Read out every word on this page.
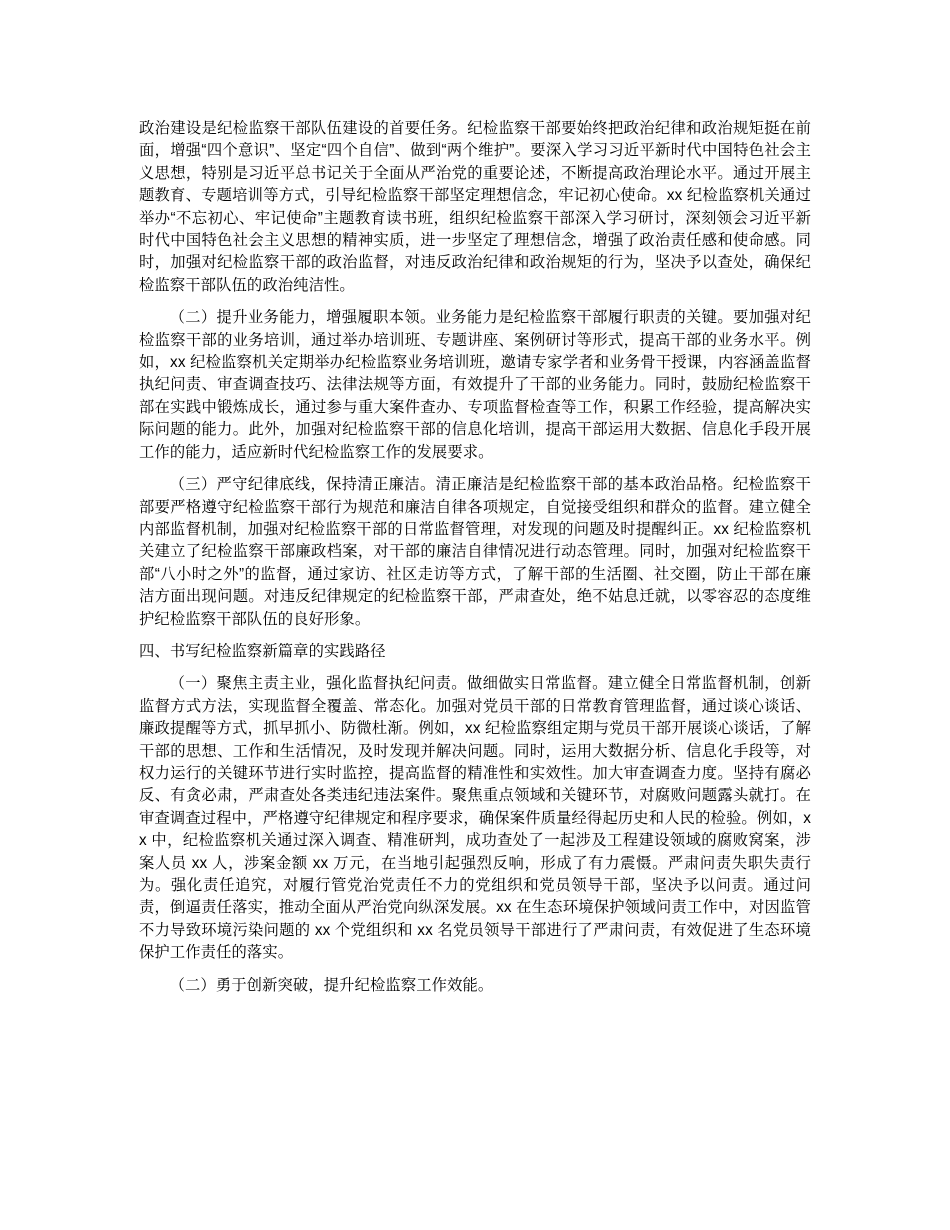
政治建设是纪检监察干部队伍建设的首要任务。纪检监察干部要始终把政治纪律和政治规矩挺在前面，增强“四个意识”、坚定“四个自信”、做到“两个维护”。要深入学习习近平新时代中国特色社会主义思想，特别是习近平总书记关于全面从严治党的重要论述，不断提高政治理论水平。通过开展主题教育、专题培训等方式，引导纪检监察干部坚定理想信念，牢记初心使命。xx 纪检监察机关通过举办“不忘初心、牢记使命”主题教育读书班，组织纪检监察干部深入学习研讨，深刻领会习近平新时代中国特色社会主义思想的精神实质，进一步坚定了理想信念，增强了政治责任感和使命感。同时，加强对纪检监察干部的政治监督，对违反政治纪律和政治规矩的行为，坚决予以查处，确保纪检监察干部队伍的政治纯洁性。

（二）提升业务能力，增强履职本领。业务能力是纪检监察干部履行职责的关键。要加强对纪检监察干部的业务培训，通过举办培训班、专题讲座、案例研讨等形式，提高干部的业务水平。例如，xx 纪检监察机关定期举办纪检监察业务培训班，邀请专家学者和业务骨干授课，内容涵盖监督执纪问责、审查调查技巧、法律法规等方面，有效提升了干部的业务能力。同时，鼓励纪检监察干部在实践中锻炼成长，通过参与重大案件查办、专项监督检查等工作，积累工作经验，提高解决实际问题的能力。此外，加强对纪检监察干部的信息化培训，提高干部运用大数据、信息化手段开展工作的能力，适应新时代纪检监察工作的发展要求。

（三）严守纪律底线，保持清正廉洁。清正廉洁是纪检监察干部的基本政治品格。纪检监察干部要严格遵守纪检监察干部行为规范和廉洁自律各项规定，自觉接受组织和群众的监督。建立健全内部监督机制，加强对纪检监察干部的日常监督管理，对发现的问题及时提醒纠正。xx 纪检监察机关建立了纪检监察干部廉政档案，对干部的廉洁自律情况进行动态管理。同时，加强对纪检监察干部“八小时之外”的监督，通过家访、社区走访等方式，了解干部的生活圈、社交圈，防止干部在廉洁方面出现问题。对违反纪律规定的纪检监察干部，严肃查处，绝不姑息迁就，以零容忍的态度维护纪检监察干部队伍的良好形象。

四、书写纪检监察新篇章的实践路径

（一）聚焦主责主业，强化监督执纪问责。做细做实日常监督。建立健全日常监督机制，创新监督方式方法，实现监督全覆盖、常态化。加强对党员干部的日常教育管理监督，通过谈心谈话、廉政提醒等方式，抓早抓小、防微杜渐。例如，xx 纪检监察组定期与党员干部开展谈心谈话，了解干部的思想、工作和生活情况，及时发现并解决问题。同时，运用大数据分析、信息化手段等，对权力运行的关键环节进行实时监控，提高监督的精准性和实效性。加大审查调查力度。坚持有腐必反、有贪必肃，严肃查处各类违纪违法案件。聚焦重点领域和关键环节，对腐败问题露头就打。在审查调查过程中，严格遵守纪律规定和程序要求，确保案件质量经得起历史和人民的检验。例如，xx 中，纪检监察机关通过深入调查、精准研判，成功查处了一起涉及工程建设领域的腐败窝案，涉案人员 xx 人，涉案金额 xx 万元，在当地引起强烈反响，形成了有力震慑。严肃问责失职失责行为。强化责任追究，对履行管党治党责任不力的党组织和党员领导干部，坚决予以问责。通过问责，倒逼责任落实，推动全面从严治党向纵深发展。xx 在生态环境保护领域问责工作中，对因监管不力导致环境污染问题的 xx 个党组织和 xx 名党员领导干部进行了严肃问责，有效促进了生态环境保护工作责任的落实。

（二）勇于创新突破，提升纪检监察工作效能。
